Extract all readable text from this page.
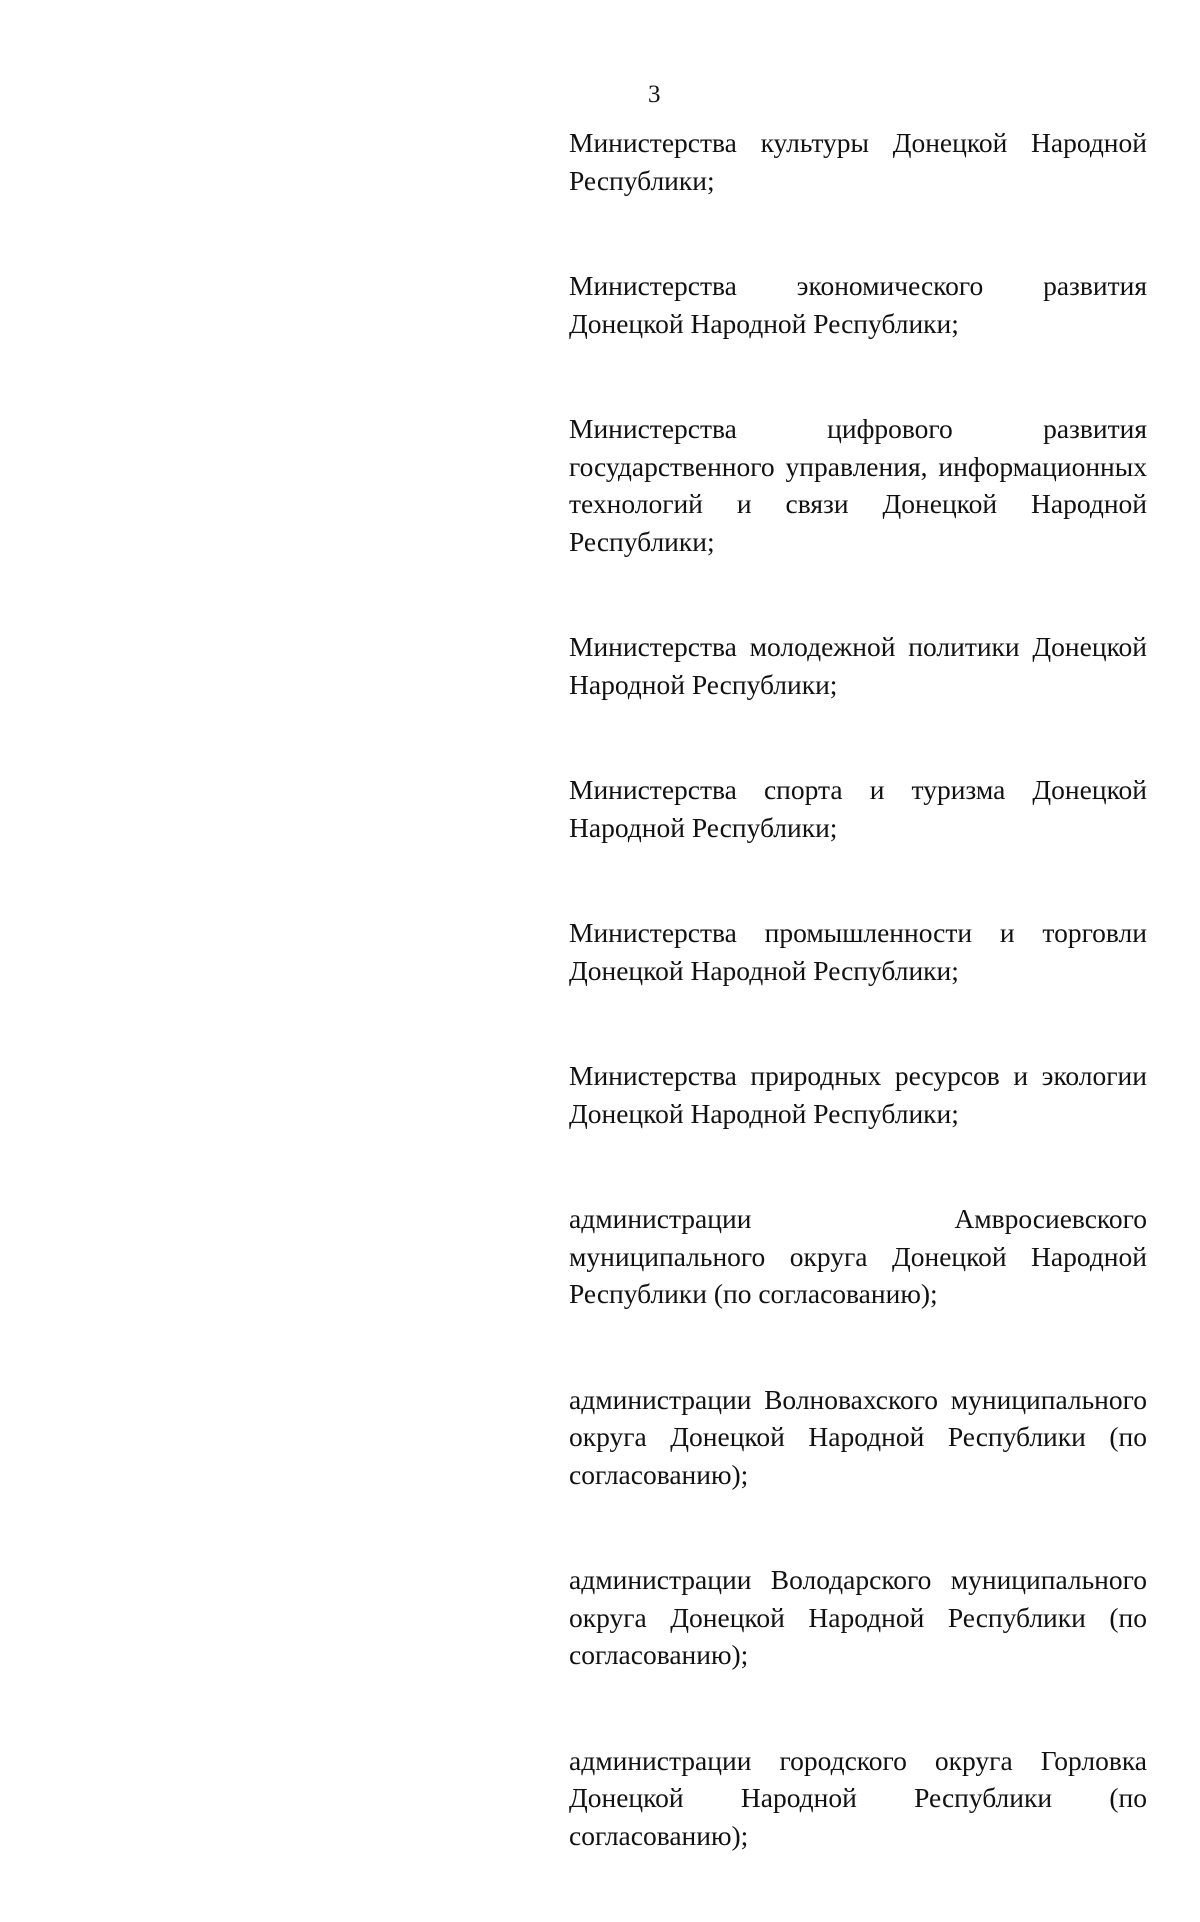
3

Министерства культуры Донецкой Народной Республики;

Министерства экономического развития Донецкой Народной Республики;

Министерства цифрового развития государственного управления, информационных технологий и связи Донецкой Народной Республики;

Министерства молодежной политики Донецкой Народной Республики;

Министерства спорта и туризма Донецкой Народной Республики;

Министерства промышленности и торговли Донецкой Народной Республики;

Министерства природных ресурсов и экологии Донецкой Народной Республики;

администрации Амвросиевского муниципального округа Донецкой Народной Республики (по согласованию);

администрации Волновахского муниципального округа Донецкой Народной Республики (по согласованию);

администрации Володарского муниципального округа Донецкой Народной Республики (по согласованию);

администрации городского округа Горловка Донецкой Народной Республики (по согласованию);
